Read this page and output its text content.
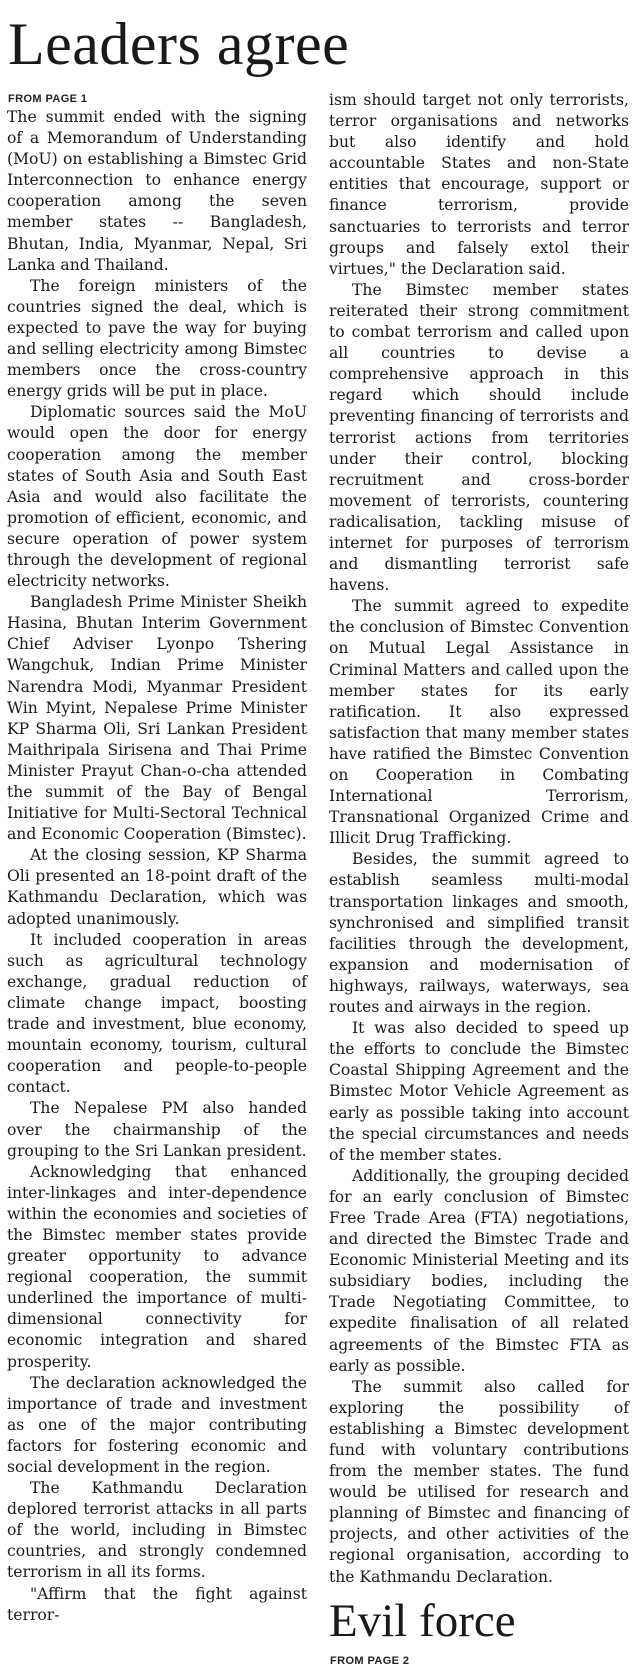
Leaders agree
FROM PAGE 1

The summit ended with the signing of a Memorandum of Understanding (MoU) on establishing a Bimstec Grid Interconnection to enhance energy cooperation among the seven member states -- Bangladesh, Bhutan, India, Myanmar, Nepal, Sri Lanka and Thailand.

The foreign ministers of the countries signed the deal, which is expected to pave the way for buying and selling electricity among Bimstec members once the cross-country energy grids will be put in place.

Diplomatic sources said the MoU would open the door for energy cooperation among the member states of South Asia and South East Asia and would also facilitate the promotion of efficient, economic, and secure operation of power system through the development of regional electricity networks.

Bangladesh Prime Minister Sheikh Hasina, Bhutan Interim Government Chief Adviser Lyonpo Tshering Wangchuk, Indian Prime Minister Narendra Modi, Myanmar President Win Myint, Nepalese Prime Minister KP Sharma Oli, Sri Lankan President Maithripala Sirisena and Thai Prime Minister Prayut Chan-o-cha attended the summit of the Bay of Bengal Initiative for Multi-Sectoral Technical and Economic Cooperation (Bimstec).

At the closing session, KP Sharma Oli presented an 18-point draft of the Kathmandu Declaration, which was adopted unanimously.

It included cooperation in areas such as agricultural technology exchange, gradual reduction of climate change impact, boosting trade and investment, blue economy, mountain economy, tourism, cultural cooperation and people-to-people contact.

The Nepalese PM also handed over the chairmanship of the grouping to the Sri Lankan president.

Acknowledging that enhanced inter-linkages and inter-dependence within the economies and societies of the Bimstec member states provide greater opportunity to advance regional cooperation, the summit underlined the importance of multi-dimensional connectivity for economic integration and shared prosperity.

The declaration acknowledged the importance of trade and investment as one of the major contributing factors for fostering economic and social development in the region.

The Kathmandu Declaration deplored terrorist attacks in all parts of the world, including in Bimstec countries, and strongly condemned terrorism in all its forms.

"Affirm that the fight against terror-

ism should target not only terrorists, terror organisations and networks but also identify and hold accountable States and non-State entities that encourage, support or finance terrorism, provide sanctuaries to terrorists and terror groups and falsely extol their virtues," the Declaration said.

The Bimstec member states reiterated their strong commitment to combat terrorism and called upon all countries to devise a comprehensive approach in this regard which should include preventing financing of terrorists and terrorist actions from territories under their control, blocking recruitment and cross-border movement of terrorists, countering radicalisation, tackling misuse of internet for purposes of terrorism and dismantling terrorist safe havens.

The summit agreed to expedite the conclusion of Bimstec Convention on Mutual Legal Assistance in Criminal Matters and called upon the member states for its early ratification. It also expressed satisfaction that many member states have ratified the Bimstec Convention on Cooperation in Combating International Terrorism, Transnational Organized Crime and Illicit Drug Trafficking.

Besides, the summit agreed to establish seamless multi-modal transportation linkages and smooth, synchronised and simplified transit facilities through the development, expansion and modernisation of highways, railways, waterways, sea routes and airways in the region.

It was also decided to speed up the efforts to conclude the Bimstec Coastal Shipping Agreement and the Bimstec Motor Vehicle Agreement as early as possible taking into account the special circumstances and needs of the member states.

Additionally, the grouping decided for an early conclusion of Bimstec Free Trade Area (FTA) negotiations, and directed the Bimstec Trade and Economic Ministerial Meeting and its subsidiary bodies, including the Trade Negotiating Committee, to expedite finalisation of all related agreements of the Bimstec FTA as early as possible.

The summit also called for exploring the possibility of establishing a Bimstec development fund with voluntary contributions from the member states. The fund would be utilised for research and planning of Bimstec and financing of projects, and other activities of the regional organisation, according to the Kathmandu Declaration.

Evil force
FROM PAGE 2
